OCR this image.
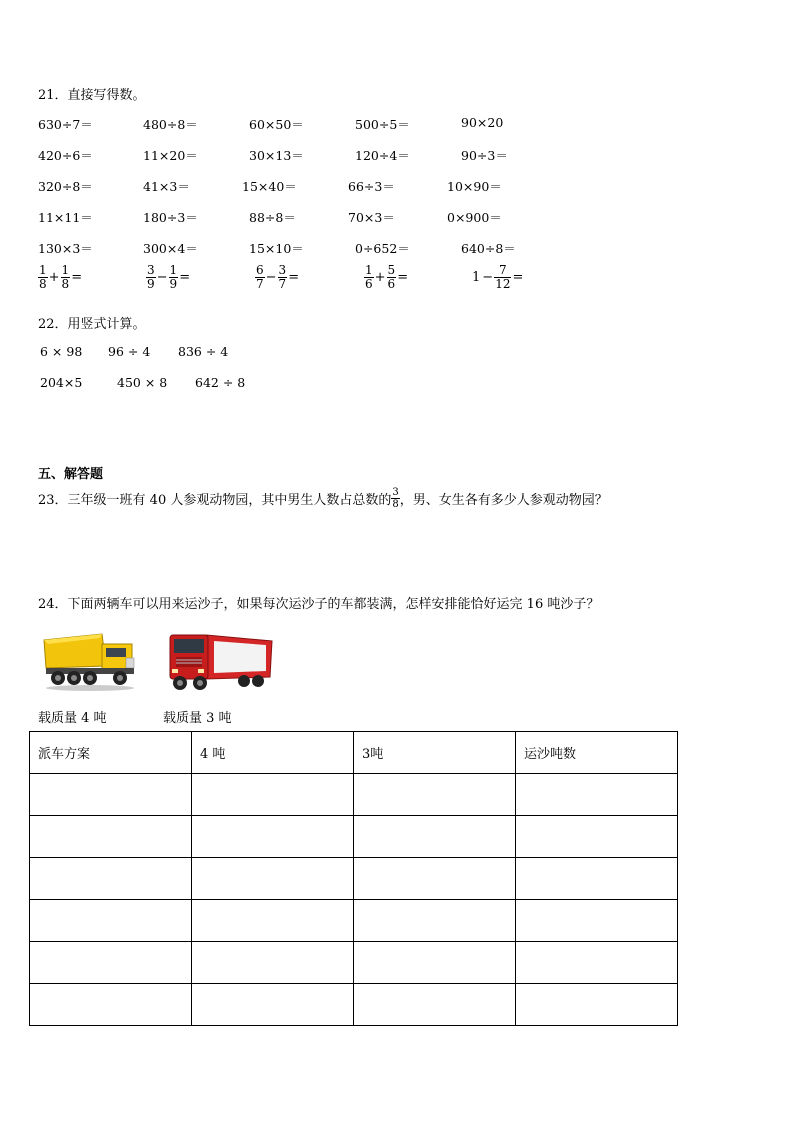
21．直接写得数。
630÷7＝	480÷8＝	60×50＝	500÷5＝	90×20
420÷6＝	11×20＝	30×13＝	120÷4＝	90÷3＝
320÷8＝	41×3＝	15×40＝	66÷3＝	10×90＝
11×11＝	180÷3＝	88÷8＝	70×3＝	0×900＝
130×3＝	300×4＝	15×10＝	0÷652＝	640÷8＝
$\frac{1}{8} + \frac{1}{8}$ =	$\frac{3}{9} - \frac{1}{9}$ =	$\frac{6}{7} - \frac{3}{7}$ =	$\frac{1}{6} + \frac{5}{6}$ =	$1 - \frac{7}{12}$ =
22．用竖式计算。
6 × 98 96 ÷ 4 836 ÷ 4
204×5	450 × 8 642 ÷ 8
五、解答题
23．三年级一班有 40 人参观动物园，其中男生人数占总数的 $\frac{3}{8}$ ，男、女生各有多少人参观动物园？
24．下面两辆车可以用来运沙子，如果每次运沙子的车都装满，怎样安排能恰好运完 16 吨沙子？
载质量 4 吨	载质量 3 吨
派车方案	4 吨	3吨	运沙吨数
